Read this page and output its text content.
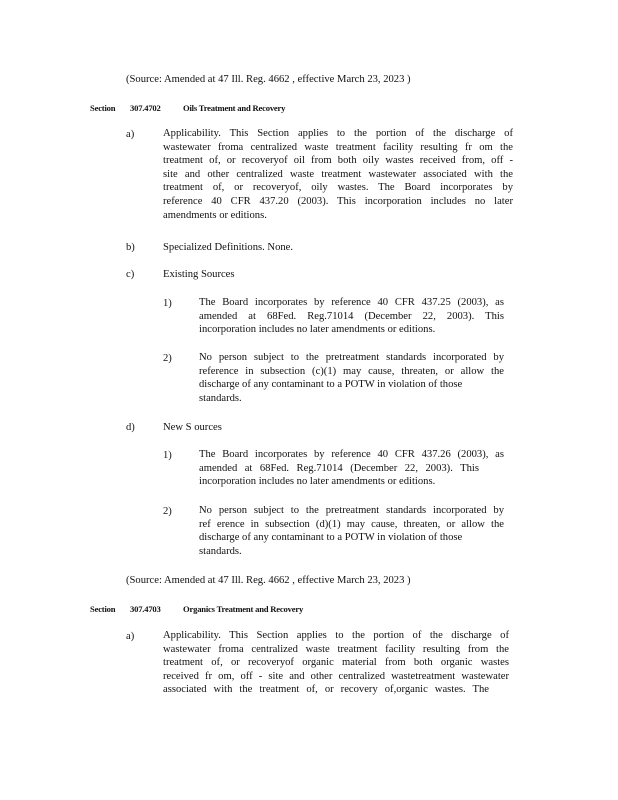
(Source: Amended at 47 Ill. Reg. 4662 , effective March 23, 2023 )
Section 307.4702	Oils Treatment and Recovery
a)	Applicability. This Section applies to the portion of the discharge of
wastewater froma centralized waste treatment facility resulting fr om the
treatment of, or recoveryof oil from both oily wastes received from, off -
site and other centralized waste treatment wastewater associated with the
treatment of, or recoveryof, oily wastes. The Board incorporates by
reference 40 CFR 437.20 (2003). This incorporation includes no later
amendments or editions.
b)	Specialized Definitions. None.
c)	Existing Sources
1)	The Board incorporates by reference 40 CFR 437.25 (2003), as
amended at 68Fed. Reg.71014 (December 22, 2003). This
incorporation includes no later amendments or editions.
2)	No person subject to the pretreatment standards incorporated by
reference in subsection (c)(1) may cause, threaten, or allow the
discharge of any contaminant to a POTW in violation of those
standards.
d)	New S ources
1)	The Board incorporates by reference 40 CFR 437.26 (2003), as
amended at 68Fed. Reg.71014 (December 22, 2003). This
incorporation includes no later amendments or editions.
2)	No person subject to the pretreatment standards incorporated by
ref erence in subsection (d)(1) may cause, threaten, or allow the
discharge of any contaminant to a POTW in violation of those
standards.
(Source: Amended at 47 Ill. Reg. 4662 , effective March 23, 2023 )
Section 307.4703	Organics Treatment and Recovery
a)	Applicability. This Section applies to the portion of the discharge of
wastewater froma centralized waste treatment facility resulting from the
treatment of, or recoveryof organic material from both organic wastes
received fr om, off - site and other centralized wastetreatment wastewater
associated with the treatment of, or recovery of,organic wastes. The
